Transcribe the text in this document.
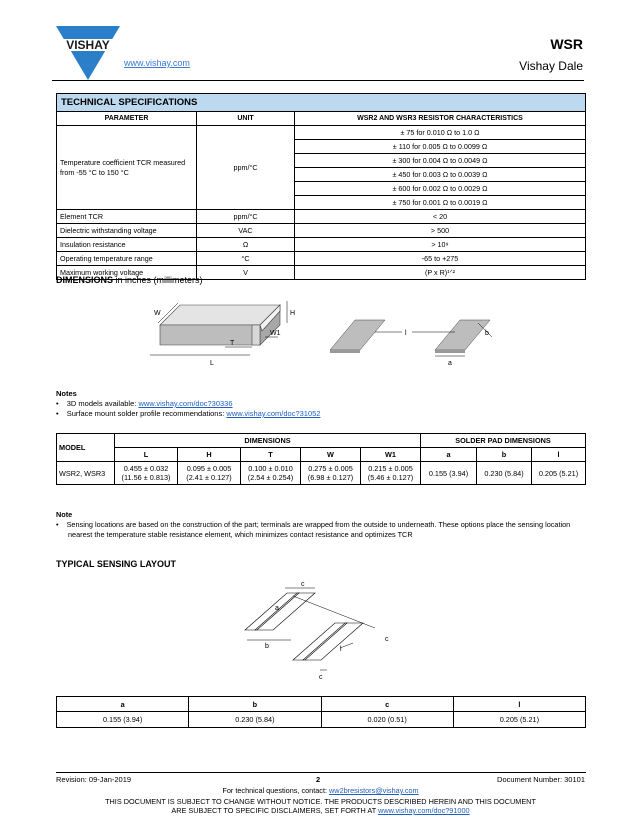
VISHAY
www.vishay.com
WSR
Vishay Dale
TECHNICAL SPECIFICATIONS		
PARAMETER	UNIT	WSR2 AND WSR3 RESISTOR CHARACTERISTICS
Temperature coefficient TCR measured from -55 °C to 150 °C	ppm/°C	± 75 for 0.010 Ω to 1.0 Ω
		± 110 for 0.005 Ω to 0.0099 Ω
		± 300 for 0.004 Ω to 0.0049 Ω
		± 450 for 0.003 Ω to 0.0039 Ω
		± 600 for 0.002 Ω to 0.0029 Ω
		± 750 for 0.001 Ω to 0.0019 Ω
Element TCR	ppm/°C	< 20
Dielectric withstanding voltage	VAC	> 500
Insulation resistance	Ω	> 10⁹
Operating temperature range	°C	-65 to +275
Maximum working voltage	V	(P x R)¹ᐟ²
DIMENSIONS in inches (millimeters)
W	H
T
W1
L
l	b
a
Notes
• 3D models available: www.vishay.com/doc?30336
• Surface mount solder profile recommendations: www.vishay.com/doc?31052
MODEL	DIMENSIONS					SOLDER PAD DIMENSIONS		
	L	H	T	W	W1	a	b	l
WSR2, WSR3	0.455 ± 0.032 (11.56 ± 0.813)	0.095 ± 0.005 (2.41 ± 0.127)	0.100 ± 0.010 (2.54 ± 0.254)	0.275 ± 0.005 (6.98 ± 0.127)	0.215 ± 0.005 (5.46 ± 0.127)	0.155 (3.94)	0.230 (5.84)	0.205 (5.21)
Note
• Sensing locations are based on the construction of the part; terminals are wrapped from the outside to underneath. These options place the sensing location nearest the temperature stable resistance element, which minimizes contact resistance and optimizes TCR
TYPICAL SENSING LAYOUT
a
c
b
c
l
c
a	b	c	l
0.155 (3.94)	0.230 (5.84)	0.020 (0.51)	0.205 (5.21)
Revision: 09-Jan-2019	2	Document Number: 30101
For technical questions, contact: ww2bresistors@vishay.com
THIS DOCUMENT IS SUBJECT TO CHANGE WITHOUT NOTICE. THE PRODUCTS DESCRIBED HEREIN AND THIS DOCUMENT
ARE SUBJECT TO SPECIFIC DISCLAIMERS, SET FORTH AT www.vishay.com/doc?91000
